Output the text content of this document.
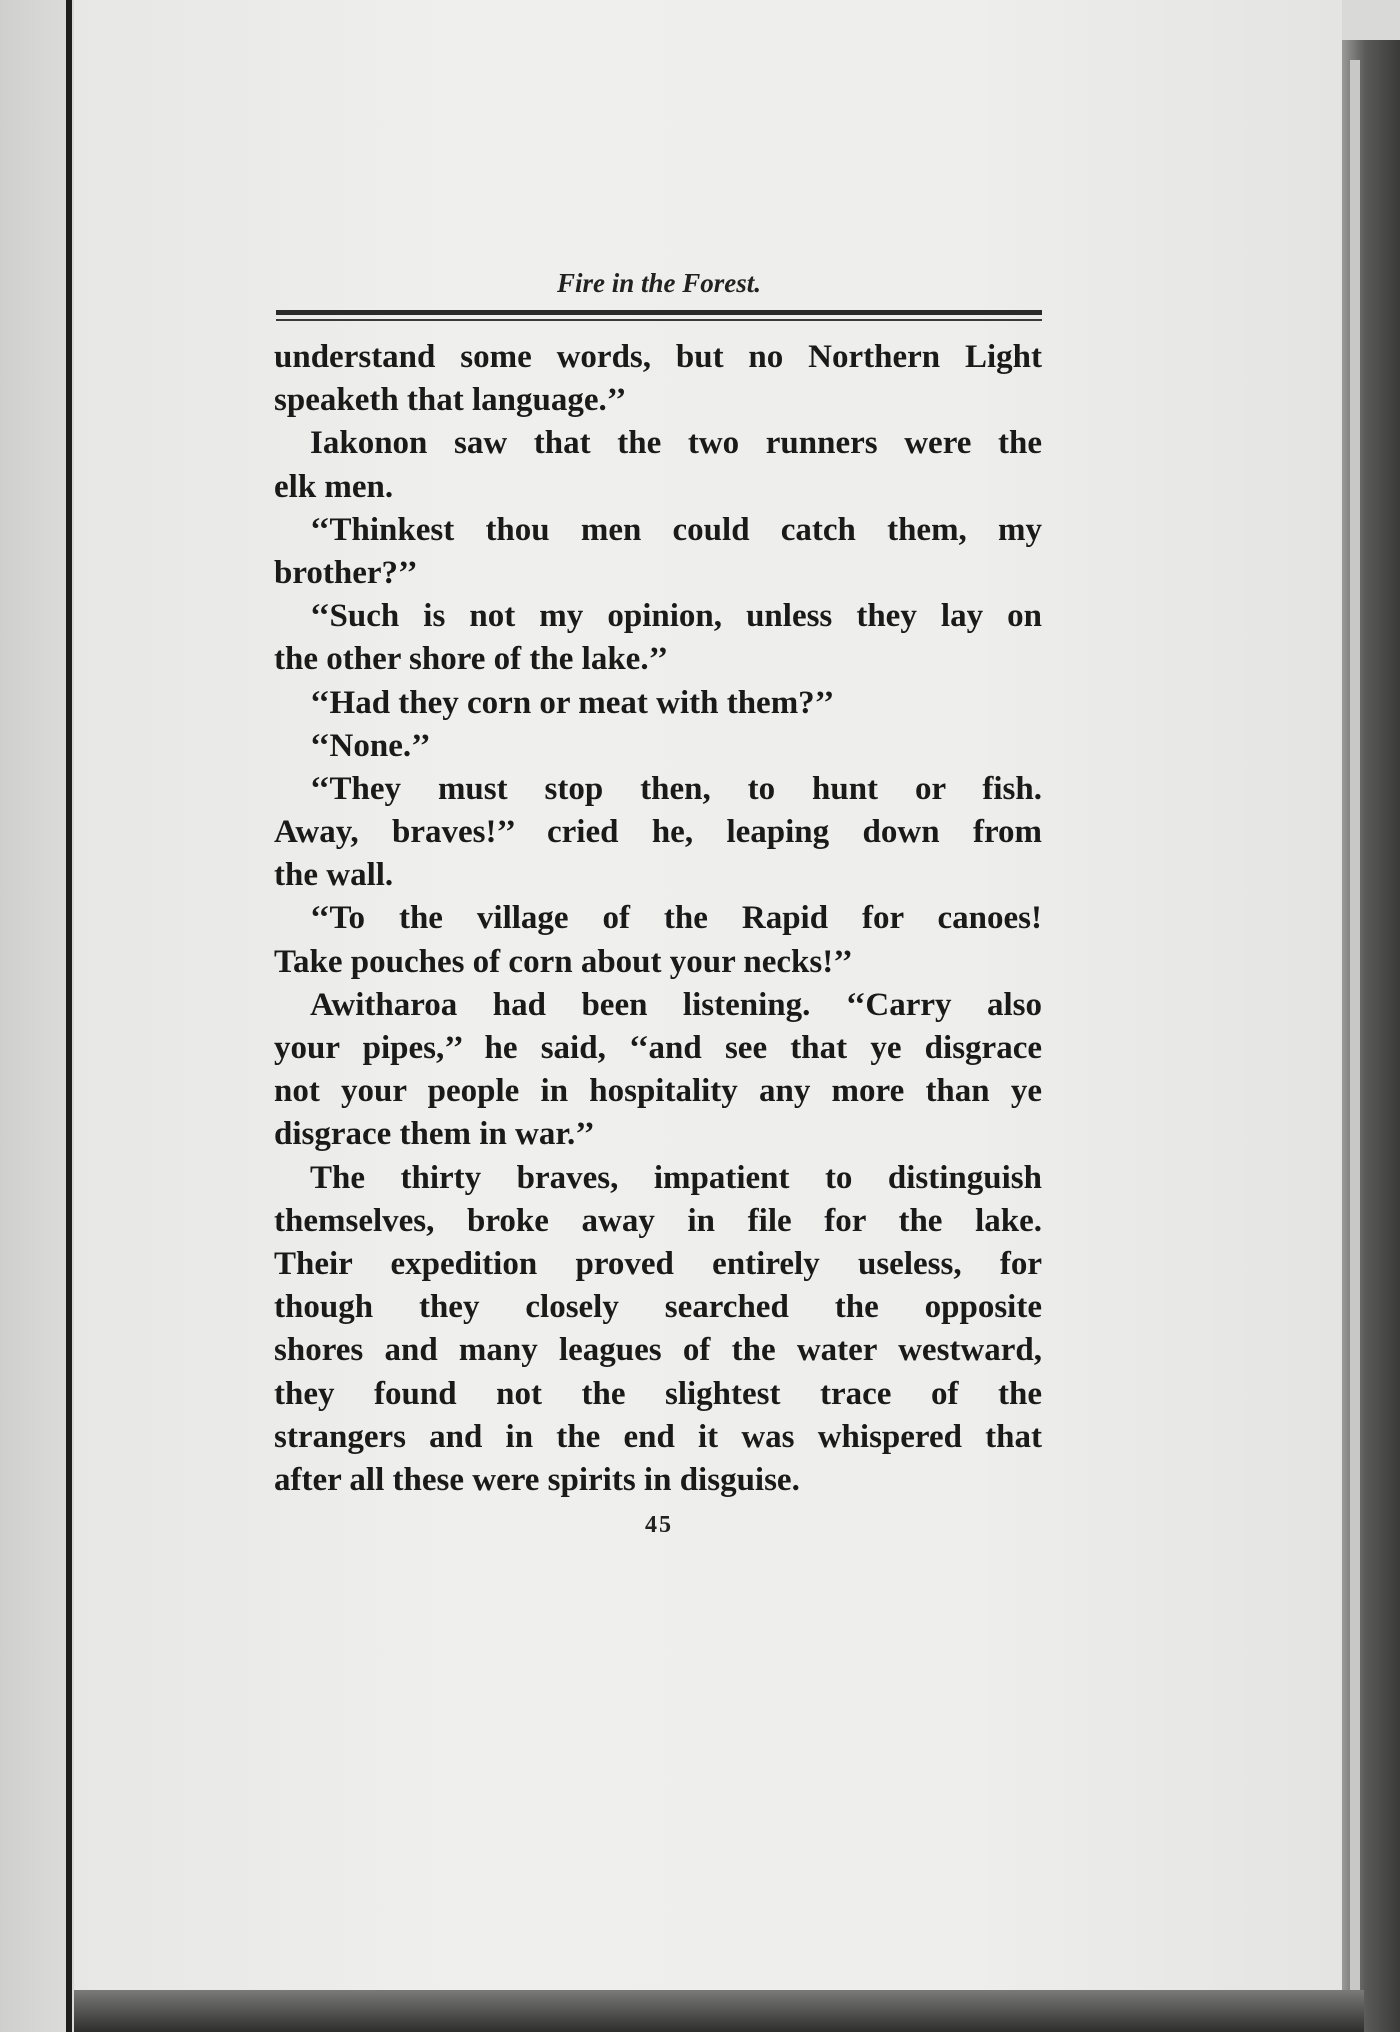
Fire in the Forest.
understand some words, but no Northern Light
speaketh that language.’’
Iakonon saw that the two runners were the
elk men.
‘‘Thinkest thou men could catch them, my
brother?’’
‘‘Such is not my opinion, unless they lay on
the other shore of the lake.’’
‘‘Had they corn or meat with them?’’
‘‘None.’’
‘‘They must stop then, to hunt or fish.
Away, braves!’’ cried he, leaping down from
the wall.
‘‘To the village of the Rapid for canoes!
Take pouches of corn about your necks!’’
Awitharoa had been listening. ‘‘Carry also
your pipes,’’ he said, ‘‘and see that ye disgrace
not your people in hospitality any more than ye
disgrace them in war.’’
The thirty braves, impatient to distinguish
themselves, broke away in file for the lake.
Their expedition proved entirely useless, for
though they closely searched the opposite
shores and many leagues of the water westward,
they found not the slightest trace of the
strangers and in the end it was whispered that
after all these were spirits in disguise.
45
